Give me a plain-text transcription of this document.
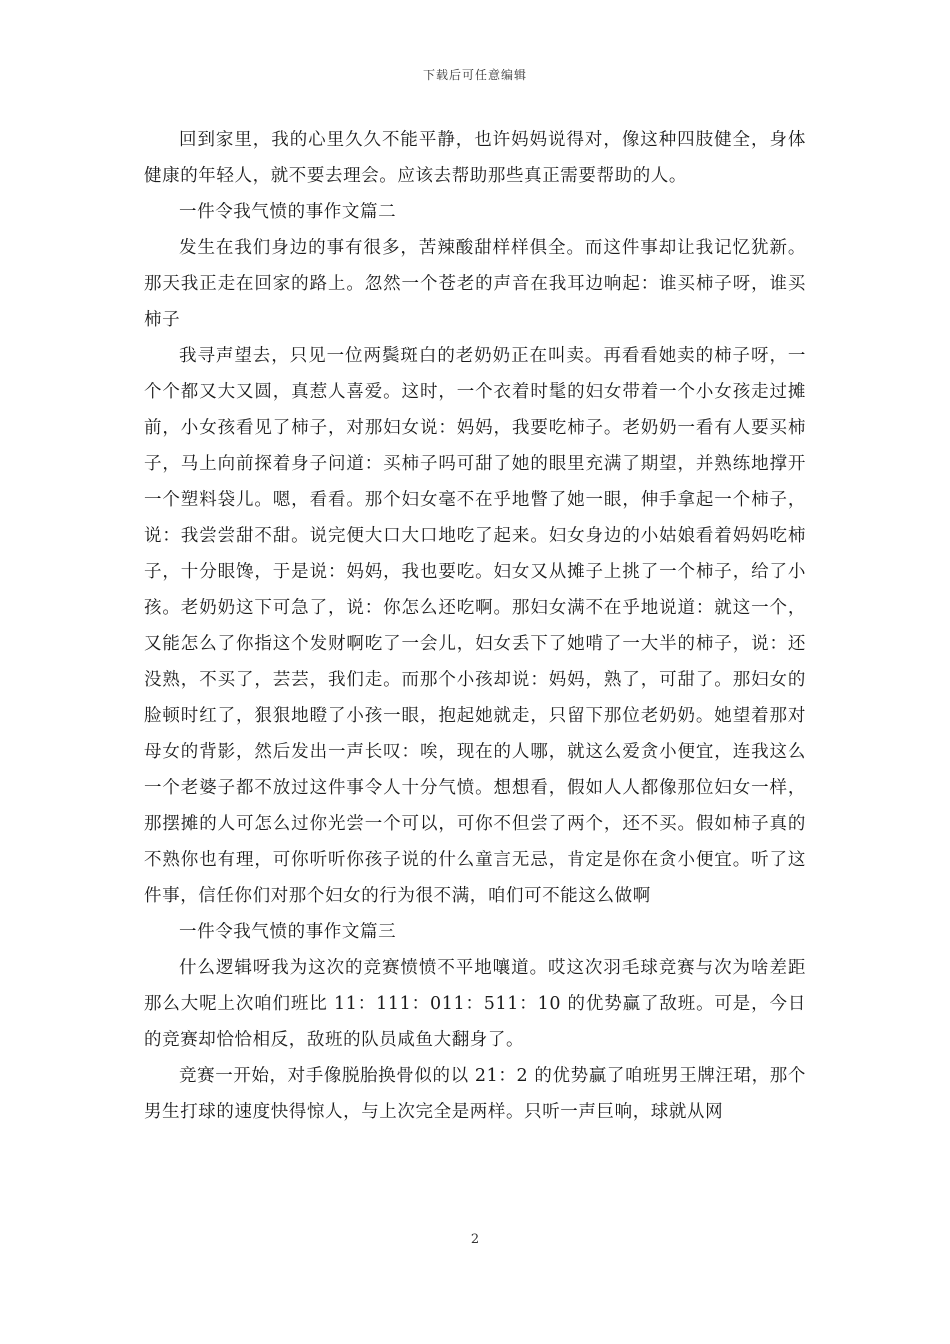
下载后可任意编辑

回到家里，我的心里久久不能平静，也许妈妈说得对，像这种四肢健全，身体健康的年轻人，就不要去理会。应该去帮助那些真正需要帮助的人。

一件令我气愤的事作文篇二

发生在我们身边的事有很多，苦辣酸甜样样俱全。而这件事却让我记忆犹新。那天我正走在回家的路上。忽然一个苍老的声音在我耳边响起：谁买柿子呀，谁买柿子

我寻声望去，只见一位两鬓斑白的老奶奶正在叫卖。再看看她卖的柿子呀，一个个都又大又圆，真惹人喜爱。这时，一个衣着时髦的妇女带着一个小女孩走过摊前，小女孩看见了柿子，对那妇女说：妈妈，我要吃柿子。老奶奶一看有人要买柿子，马上向前探着身子问道：买柿子吗可甜了她的眼里充满了期望，并熟练地撑开一个塑料袋儿。嗯，看看。那个妇女毫不在乎地瞥了她一眼，伸手拿起一个柿子，说：我尝尝甜不甜。说完便大口大口地吃了起来。妇女身边的小姑娘看着妈妈吃柿子，十分眼馋，于是说：妈妈，我也要吃。妇女又从摊子上挑了一个柿子，给了小孩。老奶奶这下可急了，说：你怎么还吃啊。那妇女满不在乎地说道：就这一个，又能怎么了你指这个发财啊吃了一会儿，妇女丢下了她啃了一大半的柿子，说：还没熟，不买了，芸芸，我们走。而那个小孩却说：妈妈，熟了，可甜了。那妇女的脸顿时红了，狠狠地瞪了小孩一眼，抱起她就走，只留下那位老奶奶。她望着那对母女的背影，然后发出一声长叹：唉，现在的人哪，就这么爱贪小便宜，连我这么一个老婆子都不放过这件事令人十分气愤。想想看，假如人人都像那位妇女一样，那摆摊的人可怎么过你光尝一个可以，可你不但尝了两个，还不买。假如柿子真的不熟你也有理，可你听听你孩子说的什么童言无忌，肯定是你在贪小便宜。听了这件事，信任你们对那个妇女的行为很不满，咱们可不能这么做啊

一件令我气愤的事作文篇三

什么逻辑呀我为这次的竞赛愤愤不平地嚷道。哎这次羽毛球竞赛与次为啥差距那么大呢上次咱们班比 11：111：011：511：10 的优势赢了敌班。可是，今日的竞赛却恰恰相反，敌班的队员咸鱼大翻身了。

竞赛一开始，对手像脱胎换骨似的以 21：2 的优势赢了咱班男王牌汪珺，那个男生打球的速度快得惊人，与上次完全是两样。只听一声巨响，球就从网

2
